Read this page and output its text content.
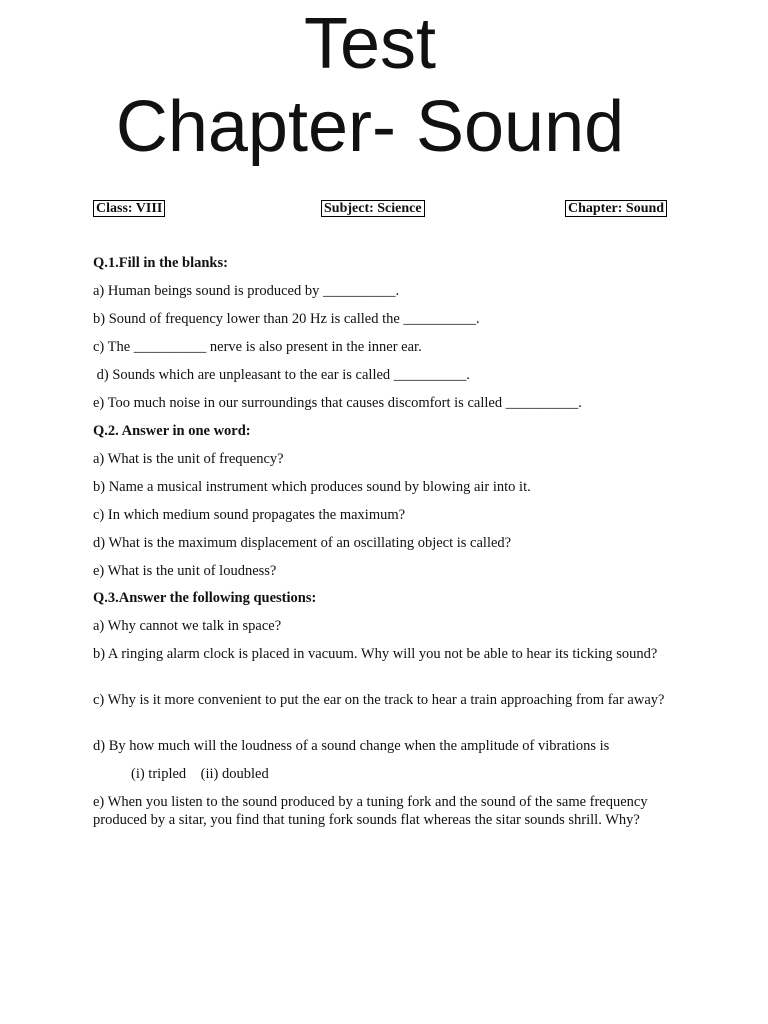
Test
Chapter- Sound
Class: VIII	Subject: Science	Chapter: Sound
Q.1.Fill in the blanks:
a) Human beings sound is produced by __________.
b) Sound of frequency lower than 20 Hz is called the __________.
c) The __________ nerve is also present in the inner ear.
d) Sounds which are unpleasant to the ear is called __________.
e) Too much noise in our surroundings that causes discomfort is called __________.
Q.2. Answer in one word:
a) What is the unit of frequency?
b) Name a musical instrument which produces sound by blowing air into it.
c) In which medium sound propagates the maximum?
d) What is the maximum displacement of an oscillating object is called?
e) What is the unit of loudness?
Q.3.Answer the following questions:
a) Why cannot we talk in space?
b) A ringing alarm clock is placed in vacuum. Why will you not be able to hear its ticking sound?
c) Why is it more convenient to put the ear on the track to hear a train approaching from far away?
d) By how much will the loudness of a sound change when the amplitude of vibrations is
(i) tripled    (ii) doubled
e) When you listen to the sound produced by a tuning fork and the sound of the same frequency produced by a sitar, you find that tuning fork sounds flat whereas the sitar sounds shrill. Why?
